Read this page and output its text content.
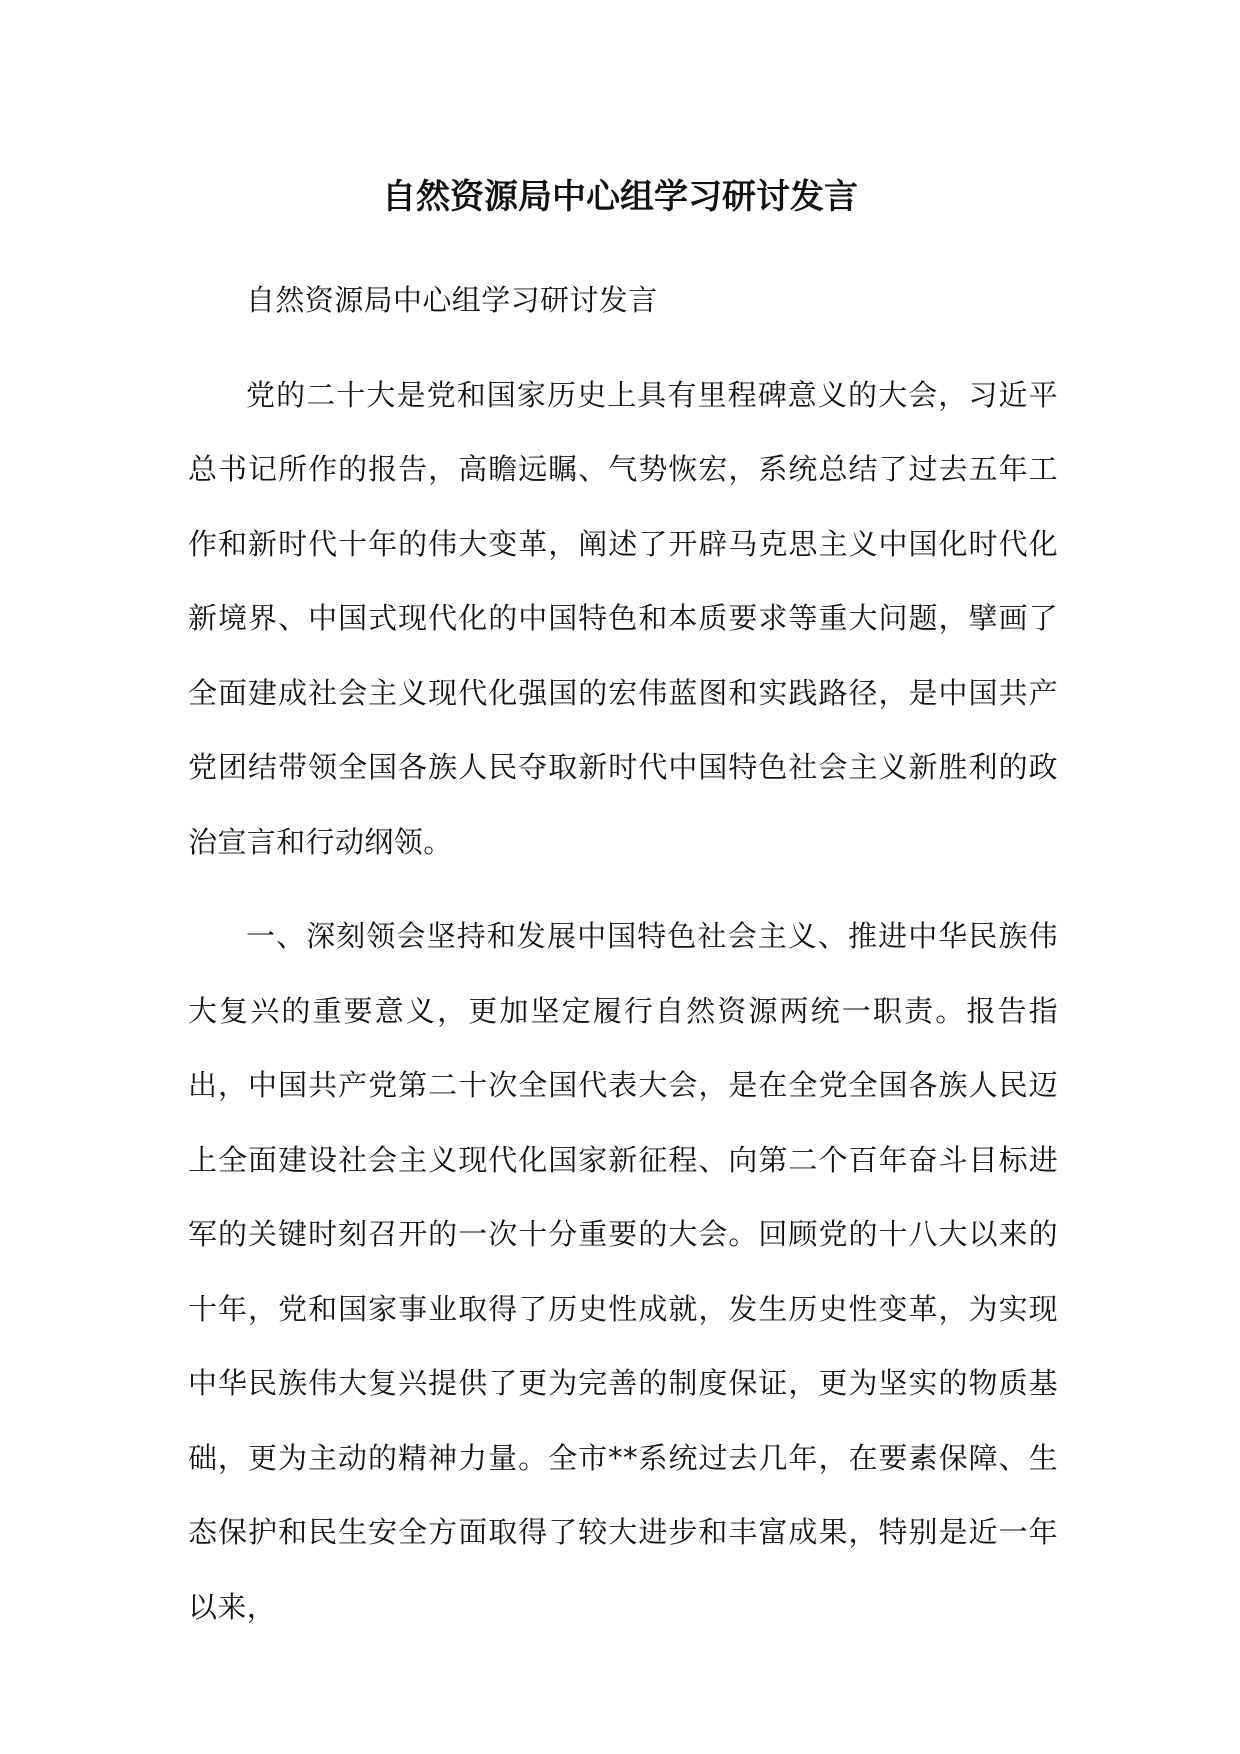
自然资源局中心组学习研讨发言

自然资源局中心组学习研讨发言

党的二十大是党和国家历史上具有里程碑意义的大会，习近平总书记所作的报告，高瞻远瞩、气势恢宏，系统总结了过去五年工作和新时代十年的伟大变革，阐述了开辟马克思主义中国化时代化新境界、中国式现代化的中国特色和本质要求等重大问题，擘画了全面建成社会主义现代化强国的宏伟蓝图和实践路径，是中国共产党团结带领全国各族人民夺取新时代中国特色社会主义新胜利的政治宣言和行动纲领。

一、深刻领会坚持和发展中国特色社会主义、推进中华民族伟大复兴的重要意义，更加坚定履行自然资源两统一职责。报告指出，中国共产党第二十次全国代表大会，是在全党全国各族人民迈上全面建设社会主义现代化国家新征程、向第二个百年奋斗目标进军的关键时刻召开的一次十分重要的大会。回顾党的十八大以来的十年，党和国家事业取得了历史性成就，发生历史性变革，为实现中华民族伟大复兴提供了更为完善的制度保证，更为坚实的物质基础，更为主动的精神力量。全市**系统过去几年，在要素保障、生态保护和民生安全方面取得了较大进步和丰富成果，特别是近一年以来，
